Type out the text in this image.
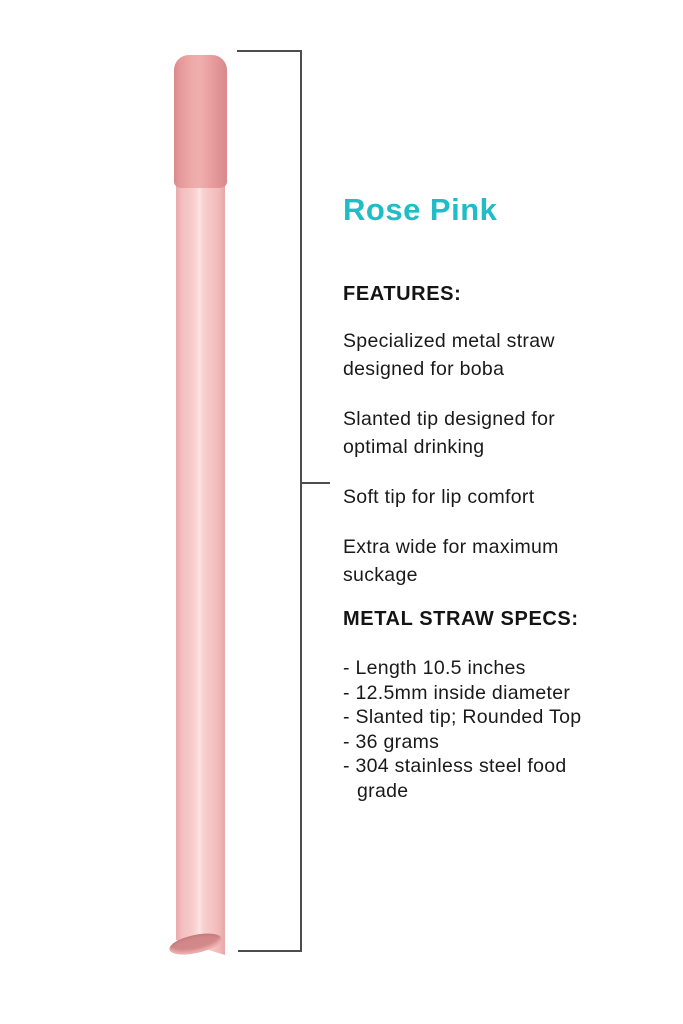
Rose Pink
FEATURES:

Specialized metal straw designed for boba

Slanted tip designed for optimal drinking

Soft tip for lip comfort

Extra wide for maximum suckage

METAL STRAW SPECS:
- Length 10.5 inches
- 12.5mm inside diameter
- Slanted tip; Rounded Top
- 36 grams
- 304 stainless steel food grade
